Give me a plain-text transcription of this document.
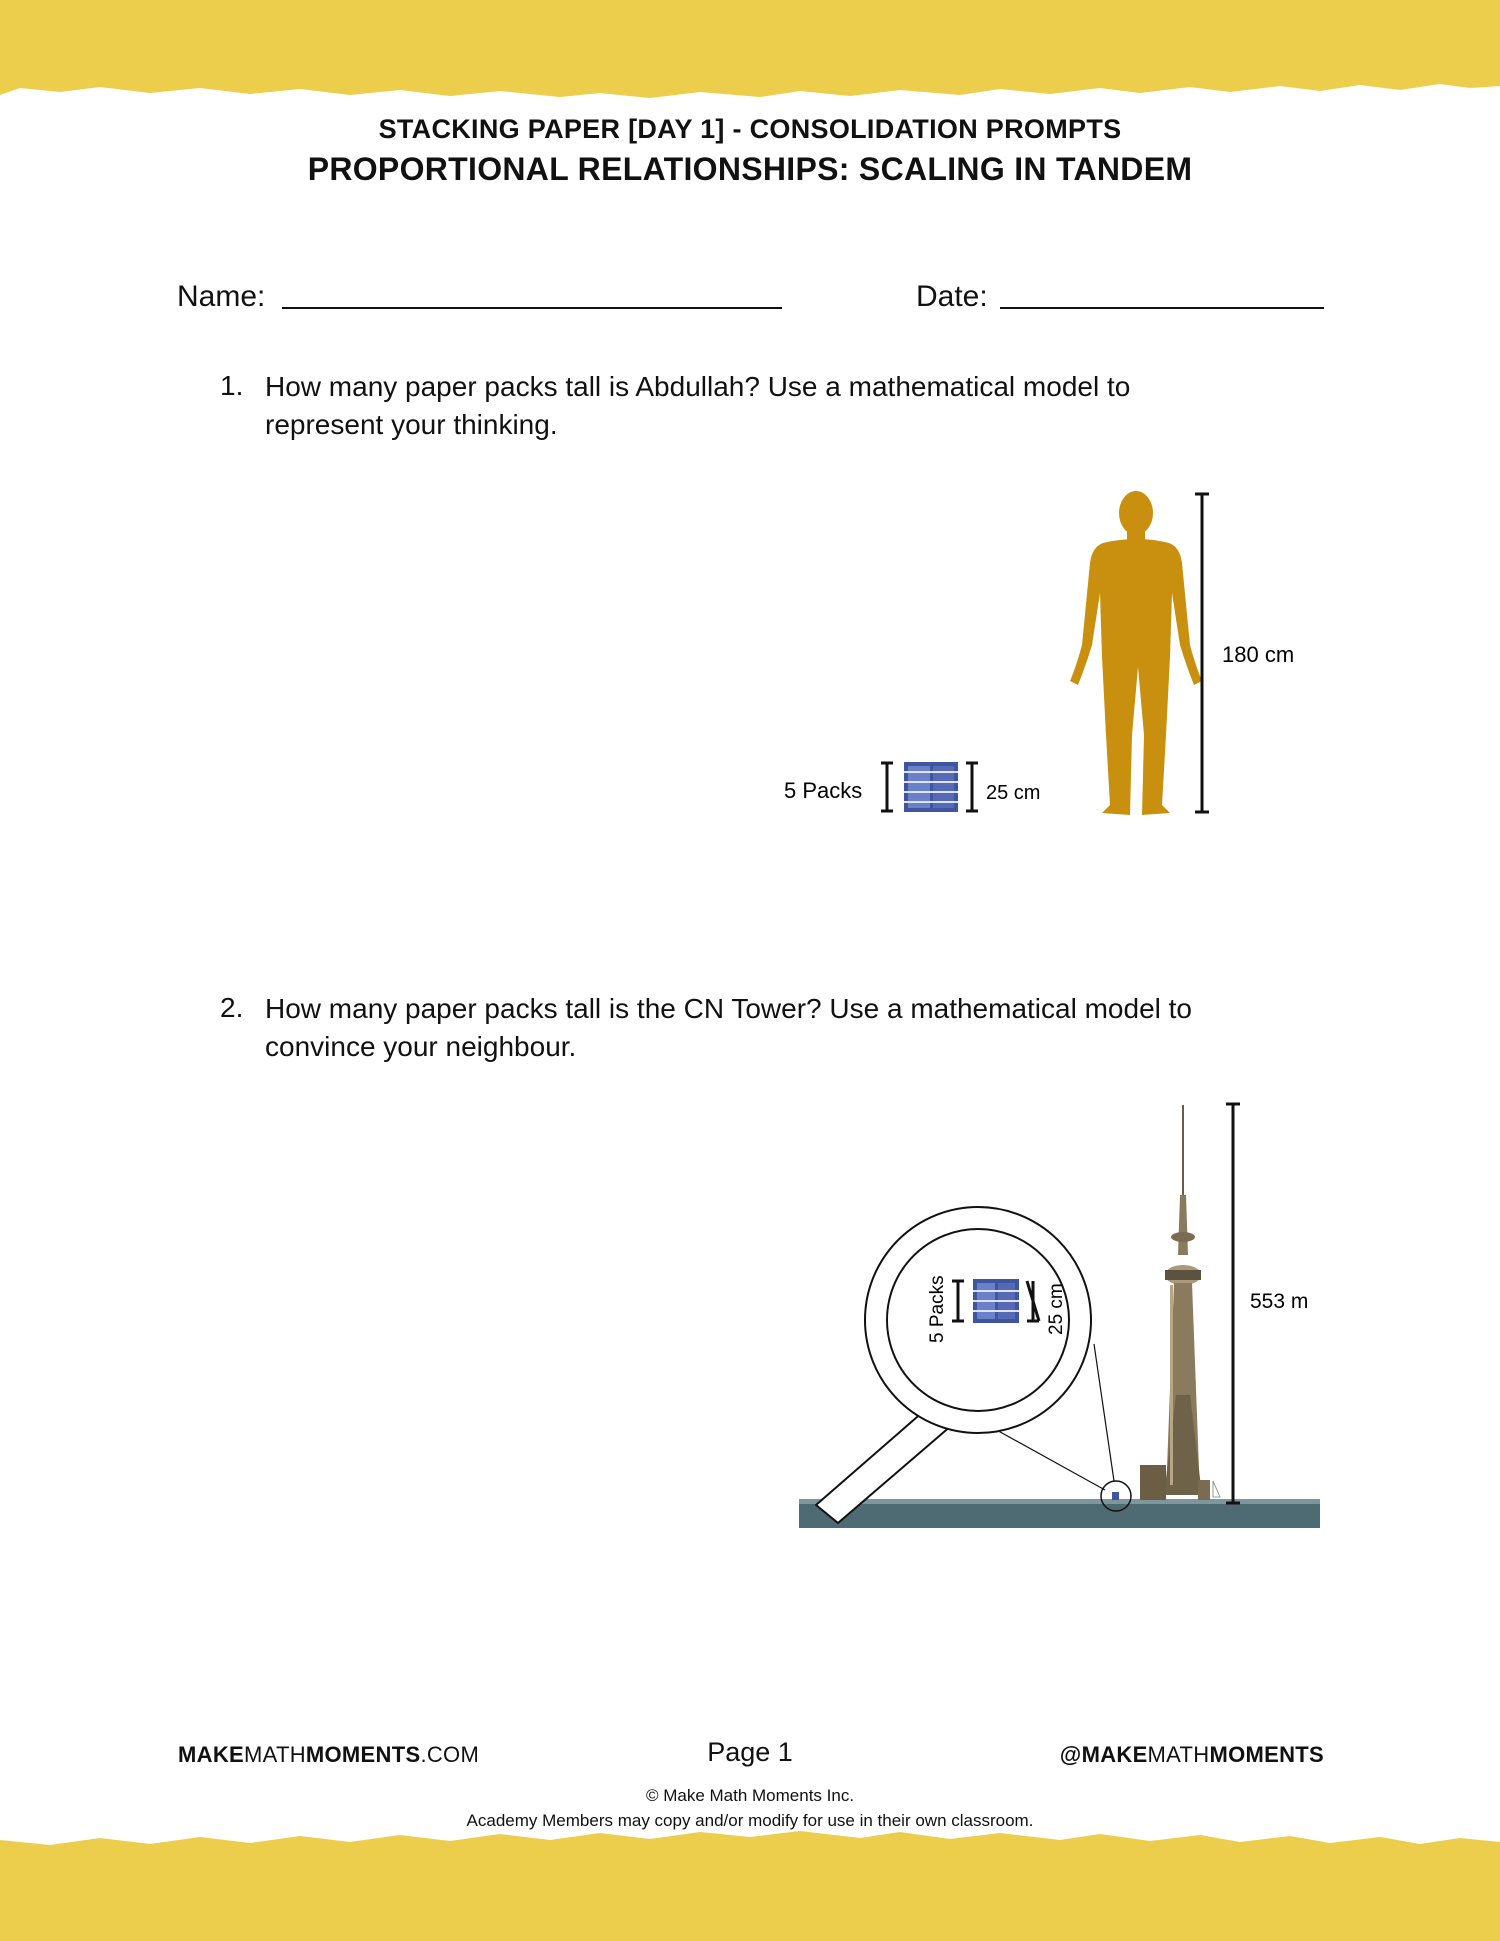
STACKING PAPER [DAY 1] - CONSOLIDATION PROMPTS
PROPORTIONAL RELATIONSHIPS: SCALING IN TANDEM
Name:	Date:
1. How many paper packs tall is Abdullah? Use a mathematical model to
represent your thinking.
5 Packs	25 cm
180 cm
2. How many paper packs tall is the CN Tower? Use a mathematical model to
convince your neighbour.
553 m
5 Packs	25 cm
MAKEMATHMOMENTS.COM	Page 1	@MAKEMATHMOMENTS
© Make Math Moments Inc.
Academy Members may copy and/or modify for use in their own classroom.
